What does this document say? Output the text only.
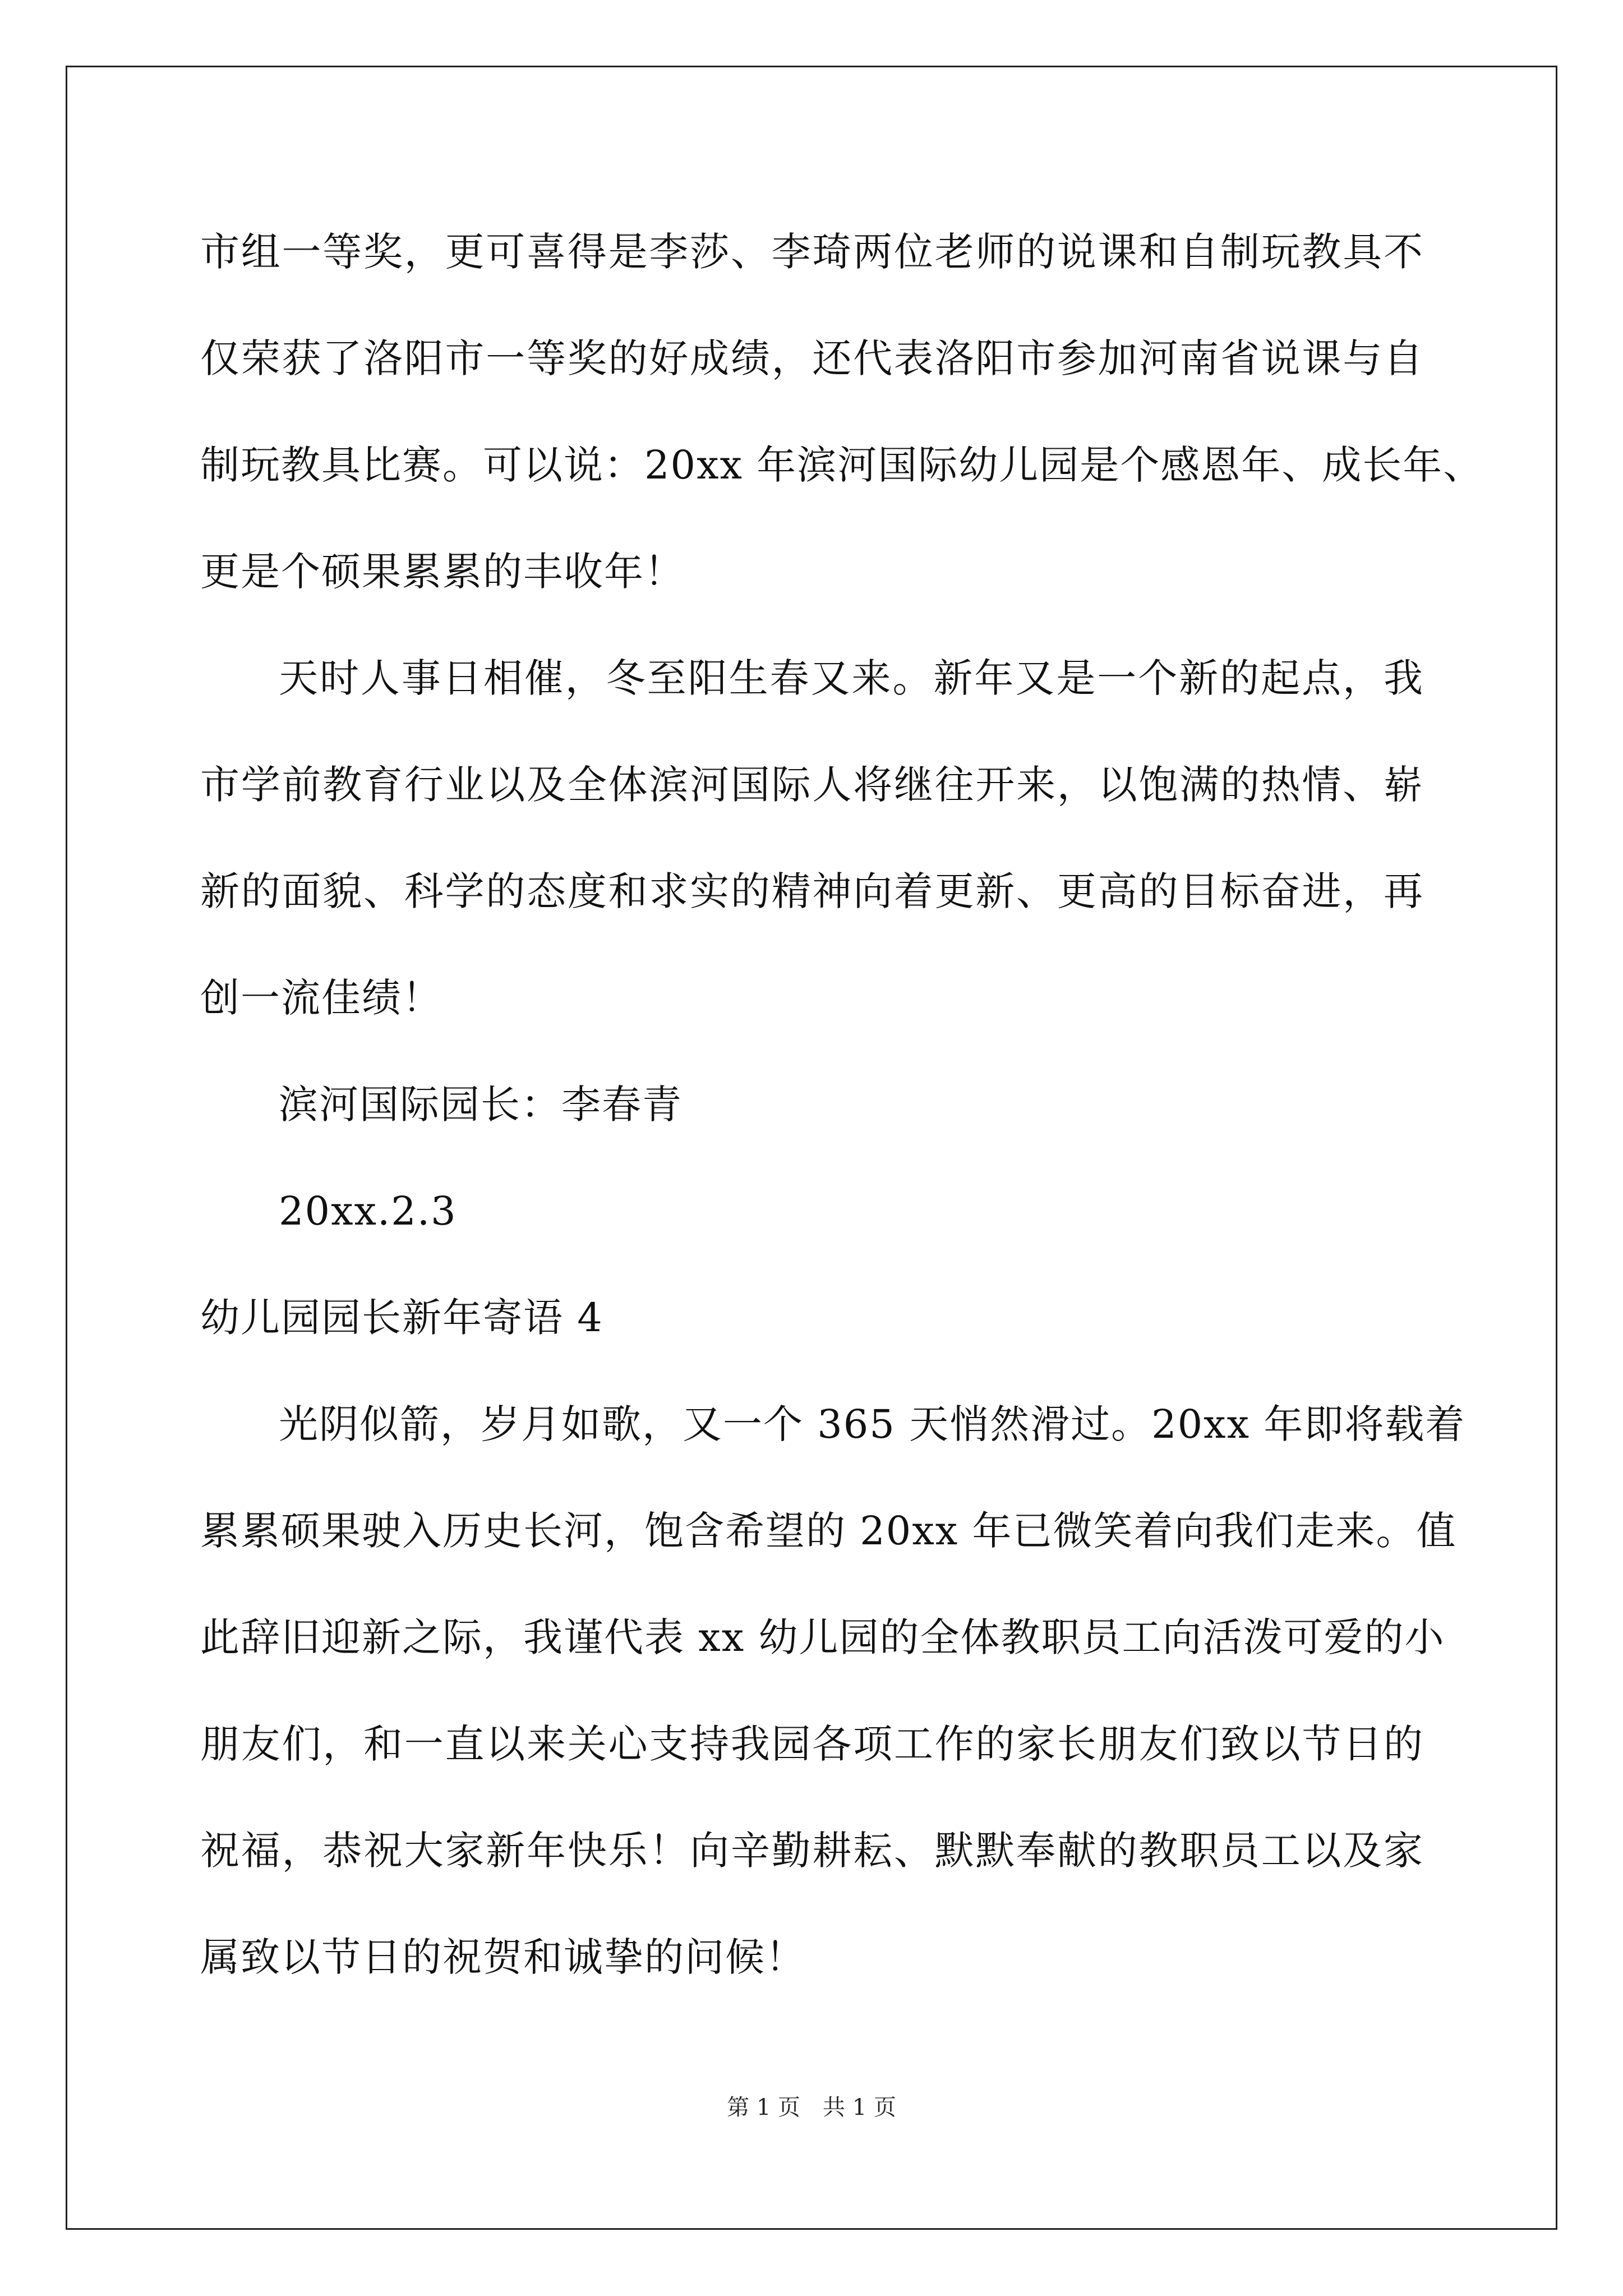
市组一等奖，更可喜得是李莎、李琦两位老师的说课和自制玩教具不
仅荣获了洛阳市一等奖的好成绩，还代表洛阳市参加河南省说课与自
制玩教具比赛。可以说：20xx 年滨河国际幼儿园是个感恩年、成长年、
更是个硕果累累的丰收年！
天时人事日相催，冬至阳生春又来。新年又是一个新的起点，我
市学前教育行业以及全体滨河国际人将继往开来，以饱满的热情、崭
新的面貌、科学的态度和求实的精神向着更新、更高的目标奋进，再
创一流佳绩！
滨河国际园长：李春青
20xx.2.3
幼儿园园长新年寄语 4
光阴似箭，岁月如歌，又一个 365 天悄然滑过。20xx 年即将载着
累累硕果驶入历史长河，饱含希望的 20xx 年已微笑着向我们走来。值
此辞旧迎新之际，我谨代表 xx 幼儿园的全体教职员工向活泼可爱的小
朋友们，和一直以来关心支持我园各项工作的家长朋友们致以节日的
祝福，恭祝大家新年快乐！向辛勤耕耘、默默奉献的教职员工以及家
属致以节日的祝贺和诚挚的问候！
第 1 页　共 1 页
